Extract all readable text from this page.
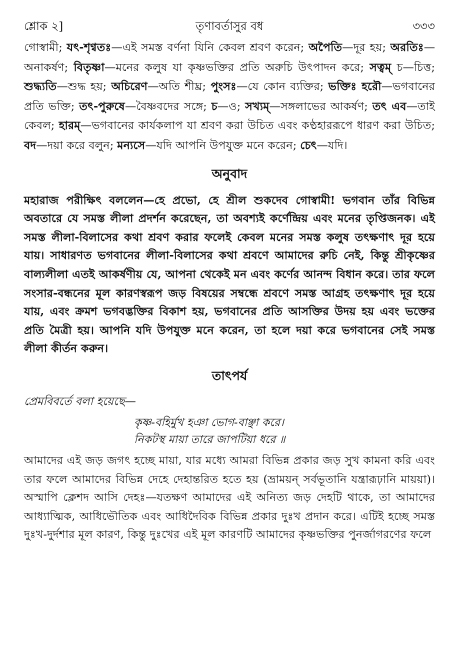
শ্লোক ২]	তৃণাবর্তাসুর বধ	৩৩৩

গোস্বামী; যৎ-শৃণ্বতঃ—এই সমস্ত বর্ণনা যিনি কেবল শ্রবণ করেন; অপৈতি—দূর হয়; অরতিঃ—অনাকর্ষণ; বিতৃষ্ণা—মনের কলুষ যা কৃষ্ণভক্তির প্রতি অরুচি উৎপাদন করে; সত্বম্ চ—চিত্ত; শুদ্ধ্যতি—শুদ্ধ হয়; অচিরেণ—অতি শীঘ্র; পুংসঃ—যে কোন ব্যক্তির; ভক্তিঃ হরৌ—ভগবানের প্রতি ভক্তি; তৎ-পুরুষে—বৈষ্ণবদের সঙ্গে; চ—ও; সখ্যম্—সঙ্গলাভের আকর্ষণ; তৎ এব—তাই কেবল; হারম্—ভগবানের কার্যকলাপ যা শ্রবণ করা উচিত এবং কণ্ঠহাররূপে ধারণ করা উচিত; বদ—দয়া করে বলুন; মন্যসে—যদি আপনি উপযুক্ত মনে করেন; চেৎ—যদি।

অনুবাদ

মহারাজ পরীক্ষিৎ বললেন—হে প্রভো, হে শ্রীল শুকদেব গোস্বামী! ভগবান তাঁর বিভিন্ন অবতারে যে সমস্ত লীলা প্রদর্শন করেছেন, তা অবশ্যই কর্ণেন্দ্রিয় এবং মনের তৃপ্তিজনক। এই সমস্ত লীলা-বিলাসের কথা শ্রবণ করার ফলেই কেবল মনের সমস্ত কলুষ তৎক্ষণাৎ দূর হয়ে যায়। সাধারণত ভগবানের লীলা-বিলাসের কথা শ্রবণে আমাদের রুচি নেই, কিন্তু শ্রীকৃষ্ণের বাল্যলীলা এতই আকর্ষণীয় যে, আপনা থেকেই মন এবং কর্ণের আনন্দ বিধান করে। তার ফলে সংসার-বন্ধনের মূল কারণস্বরূপ জড় বিষয়ের সম্বন্ধে শ্রবণে সমস্ত আগ্রহ তৎক্ষণাৎ দূর হয়ে যায়, এবং ক্রমশ ভগবদ্ভক্তির বিকাশ হয়, ভগবানের প্রতি আসক্তির উদয় হয় এবং ভক্তের প্রতি মৈত্রী হয়। আপনি যদি উপযুক্ত মনে করেন, তা হলে দয়া করে ভগবানের সেই সমস্ত লীলা কীর্তন করুন।

তাৎপর্য
প্রেমবিবর্তে বলা হয়েছে—
কৃষ্ণ-বহির্মুখ হঞা ভোগ-বাঞ্ছা করে।
নিকটস্থ মায়া তারে জাপটিয়া ধরে ॥

আমাদের এই জড় জগৎ হচ্ছে মায়া, যার মধ্যে আমরা বিভিন্ন প্রকার জড় সুখ কামনা করি এবং তার ফলে আমাদের বিভিন্ন দেহে দেহান্তরিত হতে হয় (ভ্রাময়ন্ সর্বভূতানি যন্ত্রারূঢ়ানি মায়য়া)। অস্মাপি ক্লেশদ আসি দেহঃ—যতক্ষণ আমাদের এই অনিত্য জড় দেহটি থাকে, তা আমাদের আধ্যাত্মিক, আধিভৌতিক এবং আধিদৈবিক বিভিন্ন প্রকার দুঃখ প্রদান করে। এটিই হচ্ছে সমস্ত দুঃখ-দুর্দশার মূল কারণ, কিন্তু দুঃখের এই মূল কারণটি আমাদের কৃষ্ণভক্তির পুনর্জাগরণের ফলে
